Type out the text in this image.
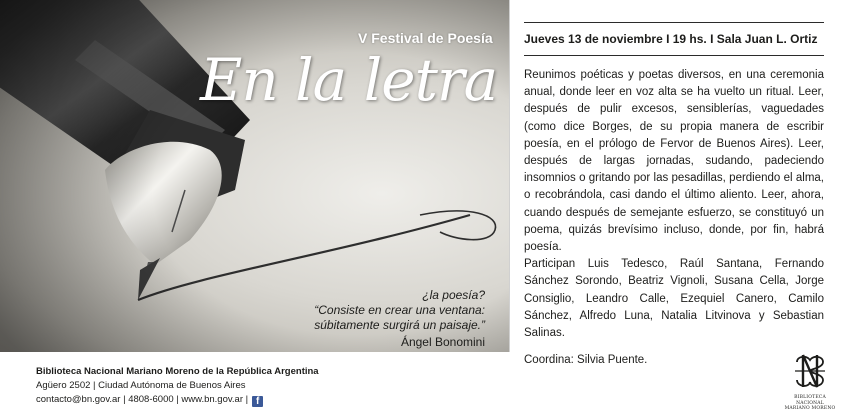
V Festival de Poesía
En la letra
¿la poesía?
“Consiste en crear una ventana:
súbitamente surgirá un paisaje.”
Ángel Bonomini
Jueves 13 de noviembre I 19 hs. I Sala Juan L. Ortiz

Reunimos poéticas y poetas diversos, en una ceremonia anual, donde leer en voz alta se ha vuelto un ritual. Leer, después de pulir excesos, sensiblerías, vaguedades (como dice Borges, de su propia manera de escribir poesía, en el prólogo de Fervor de Buenos Aires). Leer, después de largas jornadas, sudando, padeciendo insomnios o gritando por las pesadillas, perdiendo el alma, o recobrándola, casi dando el último aliento. Leer, ahora, cuando después de semejante esfuerzo, se constituyó un poema, quizás brevísimo incluso, donde, por fin, habrá poesía.

Participan Luis Tedesco, Raúl Santana, Fernando Sánchez Sorondo, Beatriz Vignoli, Susana Cella, Jorge Consiglio, Leandro Calle, Ezequiel Canero, Camilo Sánchez, Alfredo Luna, Natalia Litvinova y Sebastian Salinas.

Coordina: Silvia Puente.
Biblioteca Nacional Mariano Moreno de la República Argentina
Agüero 2502 | Ciudad Autónoma de Buenos Aires
contacto@bn.gov.ar | 4808-6000 | www.bn.gov.ar | f	BIBLIOTECA NACIONAL
MARIANO MORENO
